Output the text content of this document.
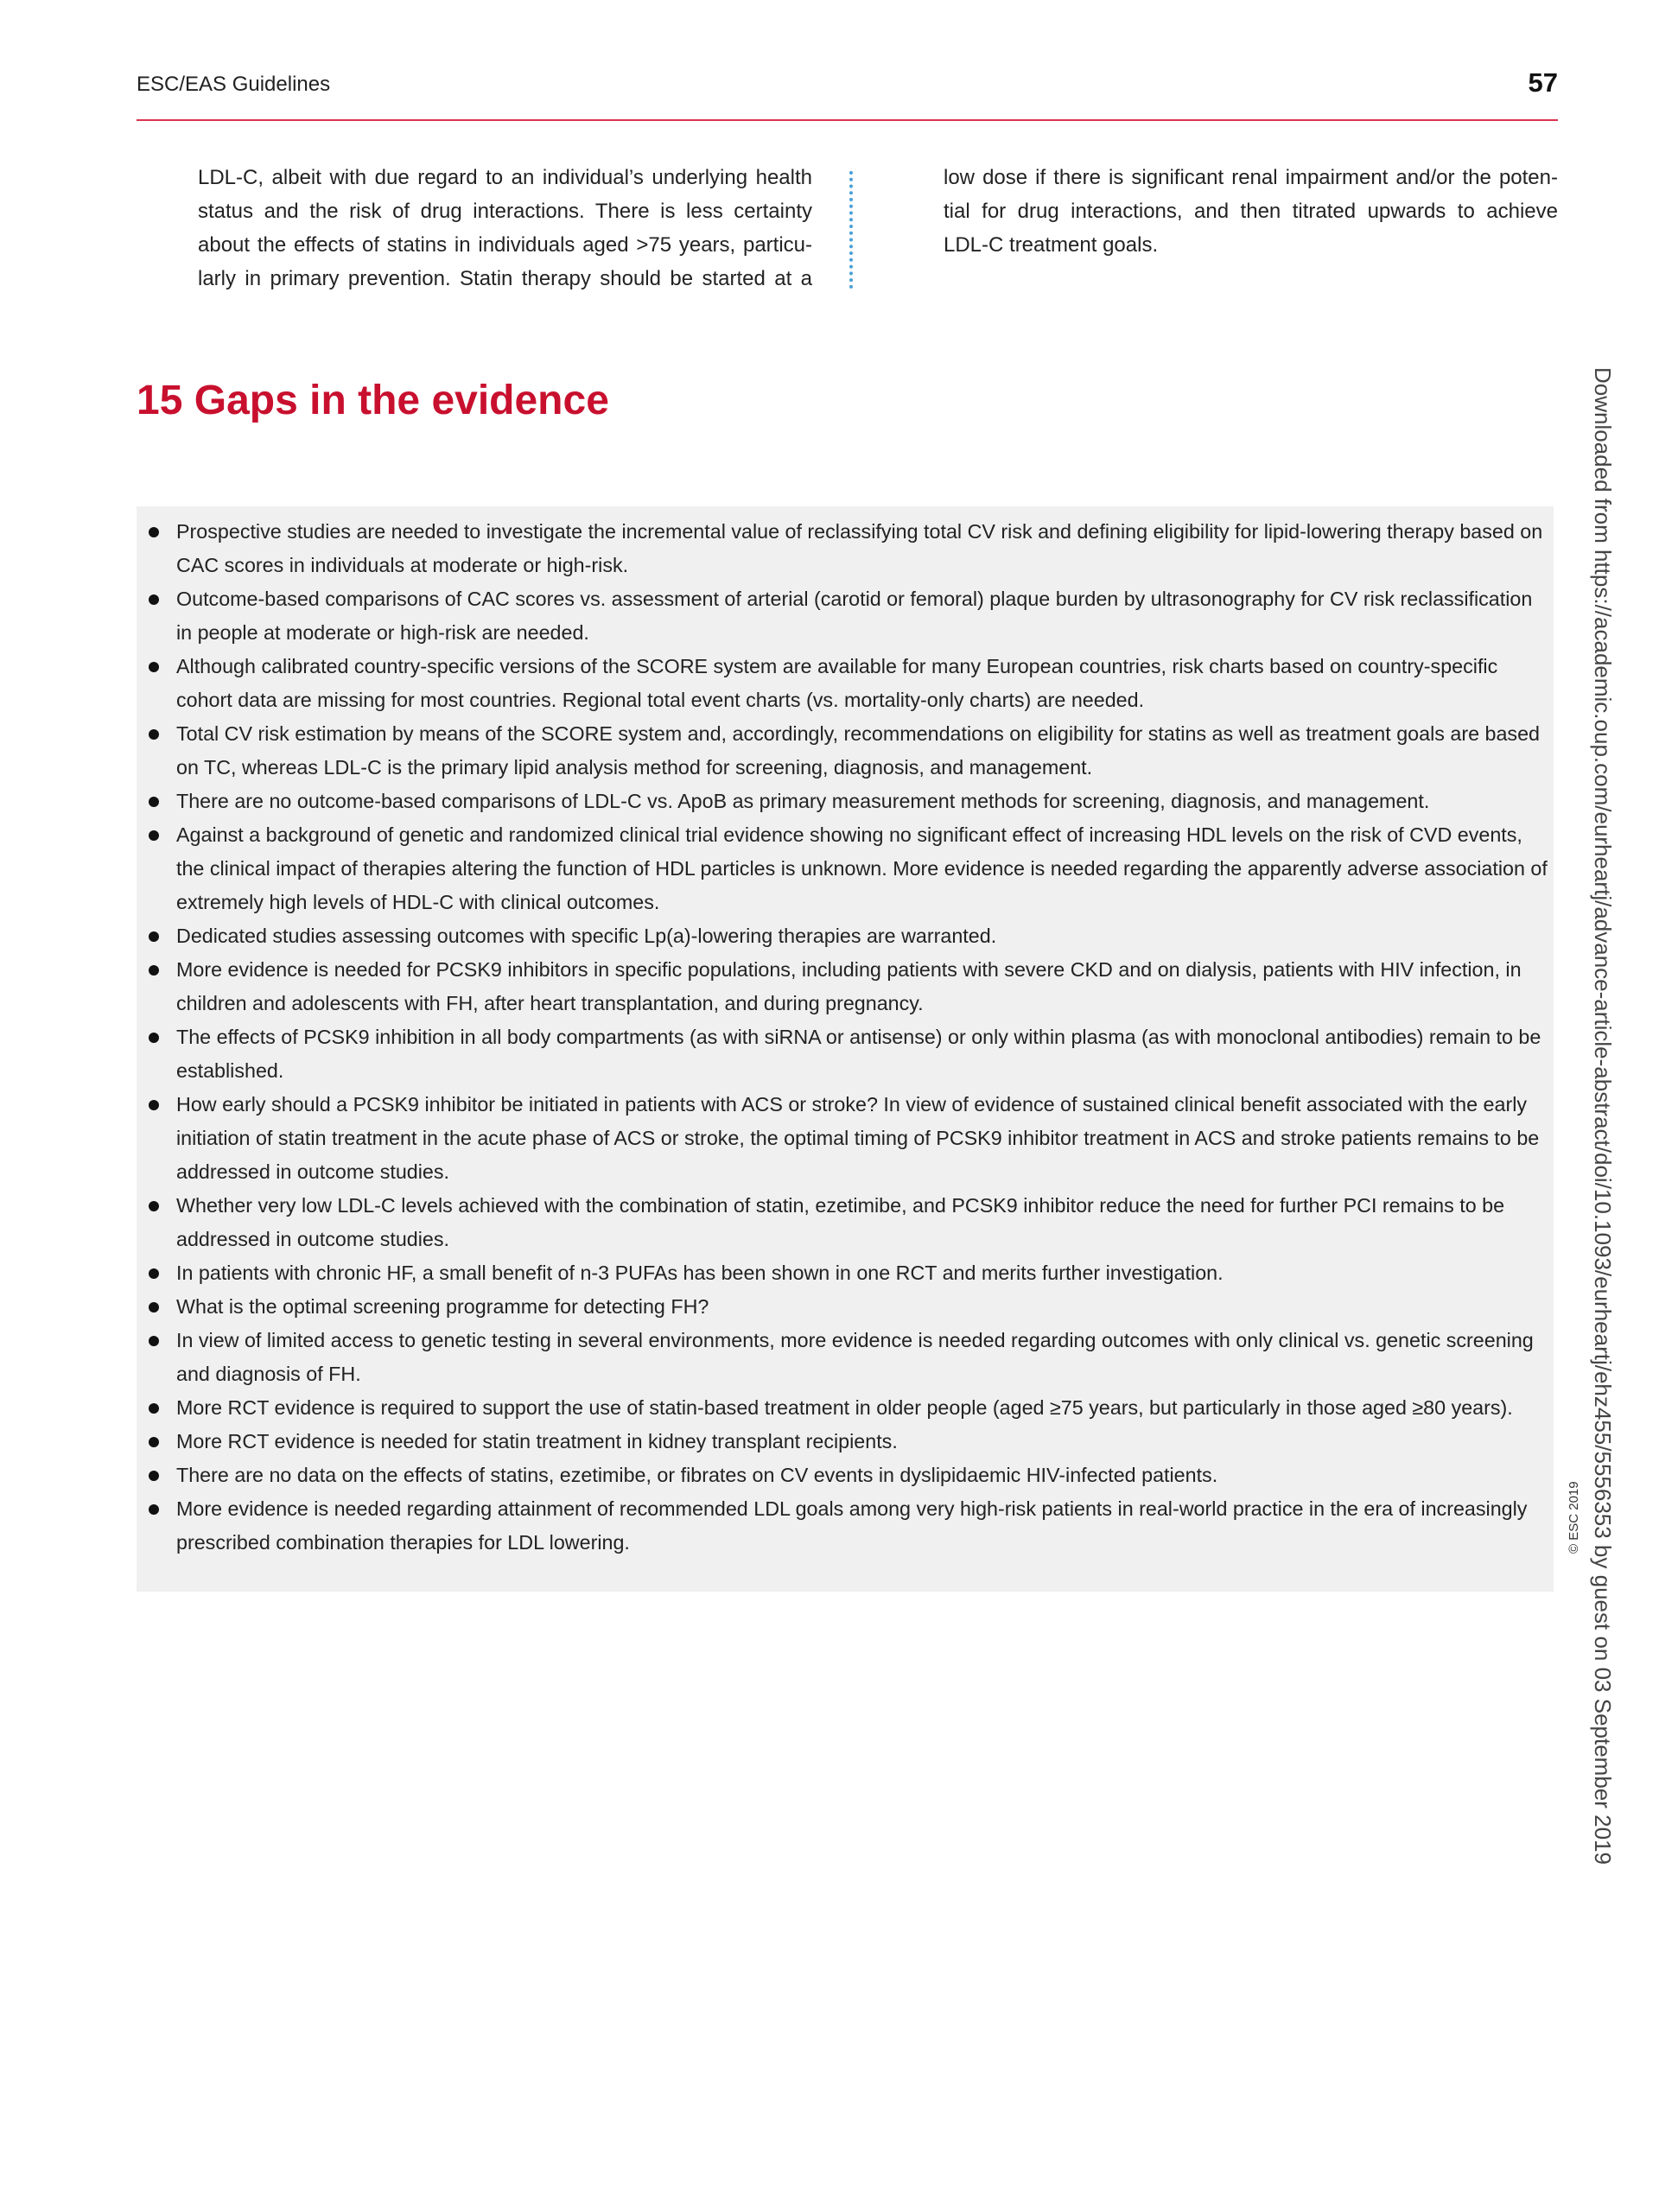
ESC/EAS Guidelines	57
LDL-C, albeit with due regard to an individual’s underlying health
status and the risk of drug interactions. There is less certainty
about the effects of statins in individuals aged >75 years, particu-
larly in primary prevention. Statin therapy should be started at a
low dose if there is significant renal impairment and/or the poten-
tial for drug interactions, and then titrated upwards to achieve
LDL-C treatment goals.
15 Gaps in the evidence
Prospective studies are needed to investigate the incremental value of reclassifying total CV risk and defining eligibility for lipid-lowering therapy based on CAC scores in individuals at moderate or high-risk.
Outcome-based comparisons of CAC scores vs. assessment of arterial (carotid or femoral) plaque burden by ultrasonography for CV risk reclassification in people at moderate or high-risk are needed.
Although calibrated country-specific versions of the SCORE system are available for many European countries, risk charts based on country-specific cohort data are missing for most countries. Regional total event charts (vs. mortality-only charts) are needed.
Total CV risk estimation by means of the SCORE system and, accordingly, recommendations on eligibility for statins as well as treatment goals are based on TC, whereas LDL-C is the primary lipid analysis method for screening, diagnosis, and management.
There are no outcome-based comparisons of LDL-C vs. ApoB as primary measurement methods for screening, diagnosis, and management.
Against a background of genetic and randomized clinical trial evidence showing no significant effect of increasing HDL levels on the risk of CVD events, the clinical impact of therapies altering the function of HDL particles is unknown. More evidence is needed regarding the apparently adverse association of extremely high levels of HDL-C with clinical outcomes.
Dedicated studies assessing outcomes with specific Lp(a)-lowering therapies are warranted.
More evidence is needed for PCSK9 inhibitors in specific populations, including patients with severe CKD and on dialysis, patients with HIV infection, in children and adolescents with FH, after heart transplantation, and during pregnancy.
The effects of PCSK9 inhibition in all body compartments (as with siRNA or antisense) or only within plasma (as with monoclonal antibodies) remain to be established.
How early should a PCSK9 inhibitor be initiated in patients with ACS or stroke? In view of evidence of sustained clinical benefit associated with the early initiation of statin treatment in the acute phase of ACS or stroke, the optimal timing of PCSK9 inhibitor treatment in ACS and stroke patients remains to be addressed in outcome studies.
Whether very low LDL-C levels achieved with the combination of statin, ezetimibe, and PCSK9 inhibitor reduce the need for further PCI remains to be addressed in outcome studies.
In patients with chronic HF, a small benefit of n-3 PUFAs has been shown in one RCT and merits further investigation.
What is the optimal screening programme for detecting FH?
In view of limited access to genetic testing in several environments, more evidence is needed regarding outcomes with only clinical vs. genetic screening and diagnosis of FH.
More RCT evidence is required to support the use of statin-based treatment in older people (aged ≥75 years, but particularly in those aged ≥80 years).
More RCT evidence is needed for statin treatment in kidney transplant recipients.
There are no data on the effects of statins, ezetimibe, or fibrates on CV events in dyslipidaemic HIV-infected patients.
More evidence is needed regarding attainment of recommended LDL goals among very high-risk patients in real-world practice in the era of increasingly prescribed combination therapies for LDL lowering.	© ESC 2019 Downloaded from https://academic.oup.com/eurheartj/advance-article-abstract/doi/10.1093/eurheartj/ehz455/5556353 by guest on 03 September 2019
